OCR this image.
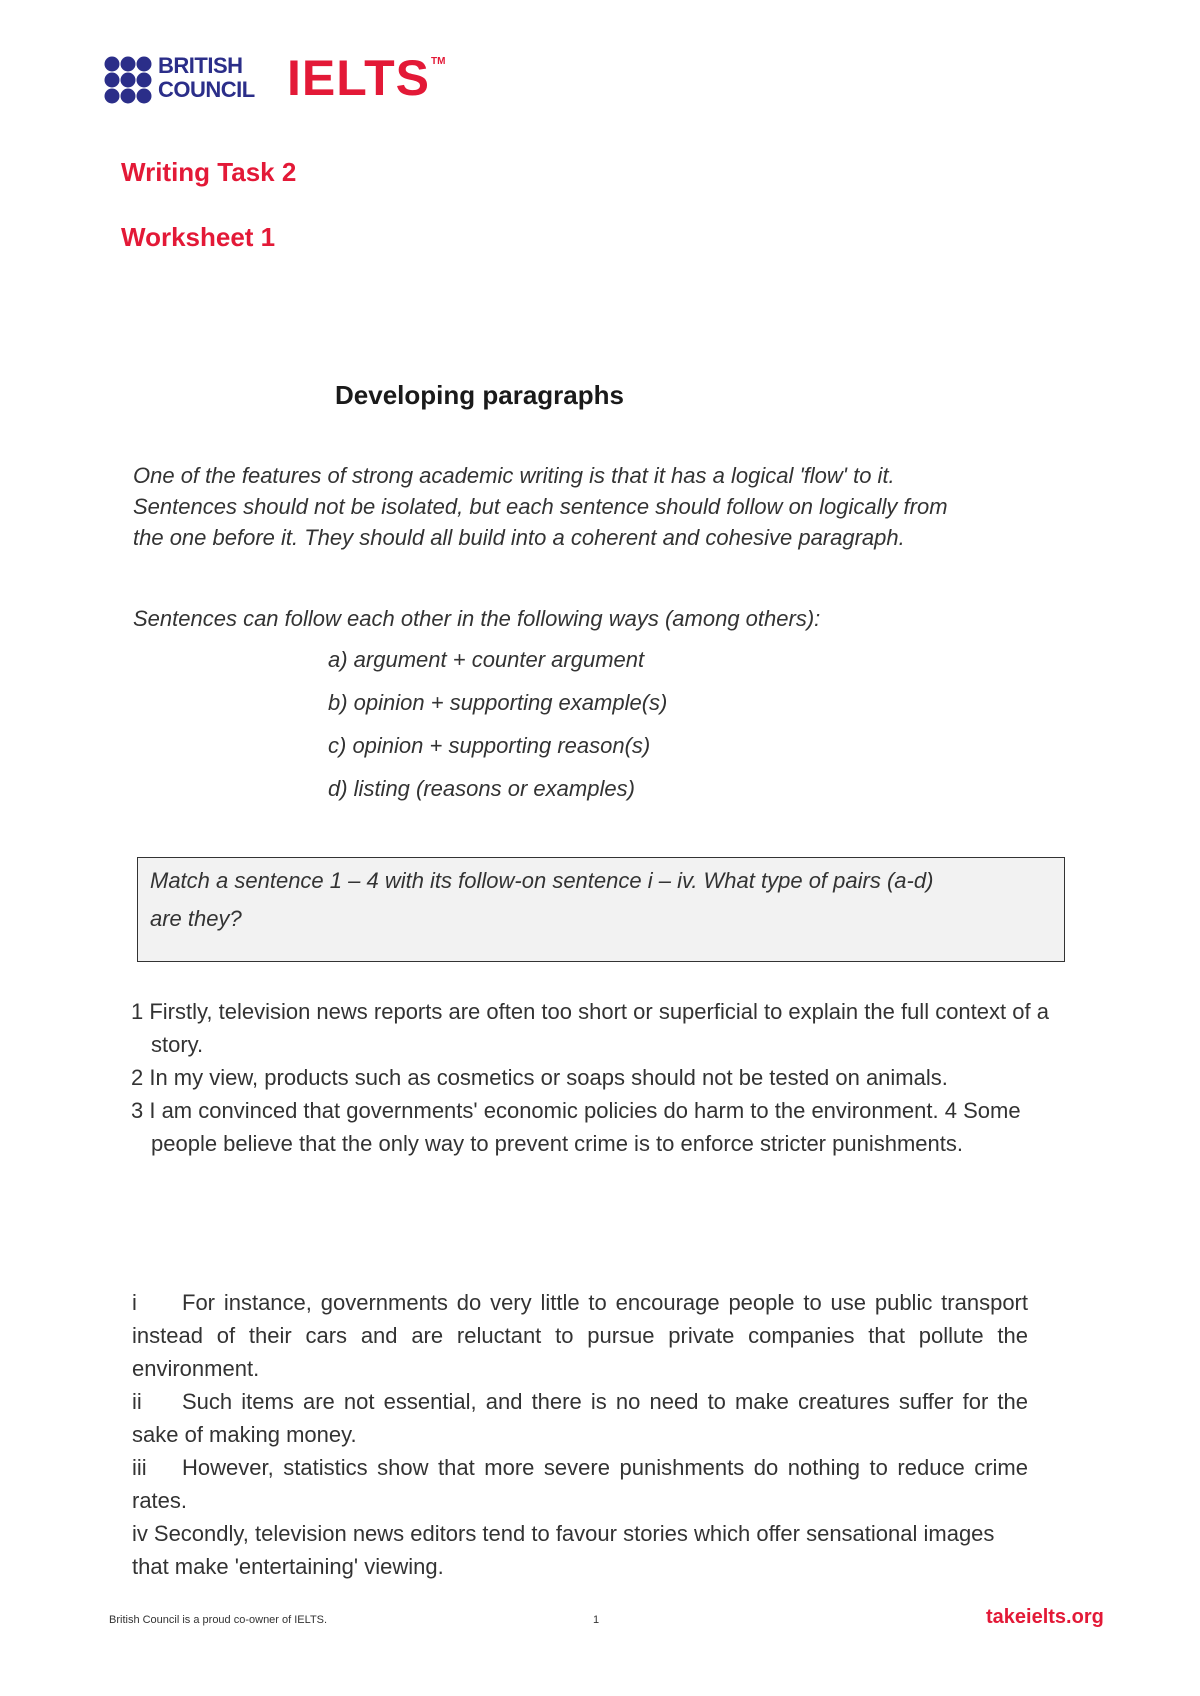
BRITISH
COUNCIL IELTS TM
Writing Task 2
Worksheet 1
Developing paragraphs
One of the features of strong academic writing is that it has a logical 'flow' to it.
Sentences should not be isolated, but each sentence should follow on logically from
the one before it. They should all build into a coherent and cohesive paragraph.
Sentences can follow each other in the following ways (among others):
a) argument + counter argument
b) opinion + supporting example(s)
c) opinion + supporting reason(s)
d) listing (reasons or examples)
Match a sentence 1 – 4 with its follow-on sentence i – iv. What type of pairs (a-d)
are they?
1 Firstly, television news reports are often too short or superficial to explain the full context of a story.
2 In my view, products such as cosmetics or soaps should not be tested on animals.
3 I am convinced that governments' economic policies do harm to the environment. 4 Some people believe that the only way to prevent crime is to enforce stricter punishments.
i For instance, governments do very little to encourage people to use public transport instead of their cars and are reluctant to pursue private companies that pollute the environment.
ii Such items are not essential, and there is no need to make creatures suffer for the sake of making money.
iii However, statistics show that more severe punishments do nothing to reduce crime rates.
iv Secondly, television news editors tend to favour stories which offer sensational images that make 'entertaining' viewing.
British Council is a proud co-owner of IELTS.	1	takeielts.org
